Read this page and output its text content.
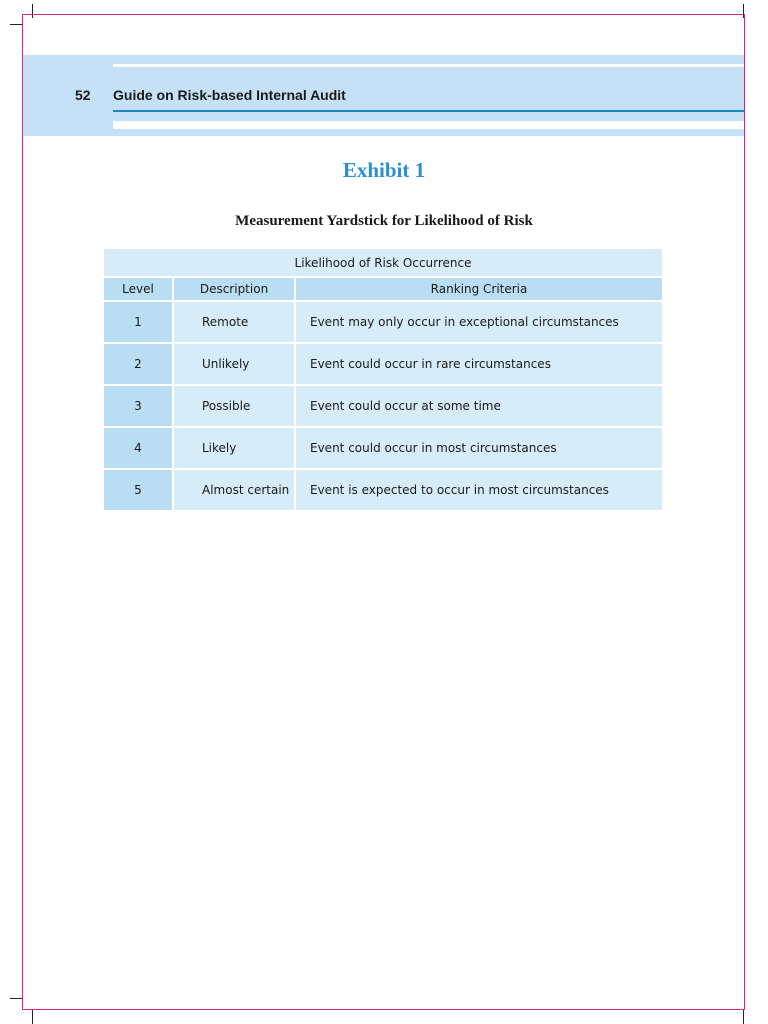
52 Guide on Risk-based Internal Audit
Exhibit 1
Measurement Yardstick for Likelihood of Risk
Likelihood of Risk Occurrence		
Level	Description	Ranking Criteria
1	Remote	Event may only occur in exceptional circumstances
2	Unlikely	Event could occur in rare circumstances
3	Possible	Event could occur at some time
4	Likely	Event could occur in most circumstances
5	Almost certain	Event is expected to occur in most circumstances
